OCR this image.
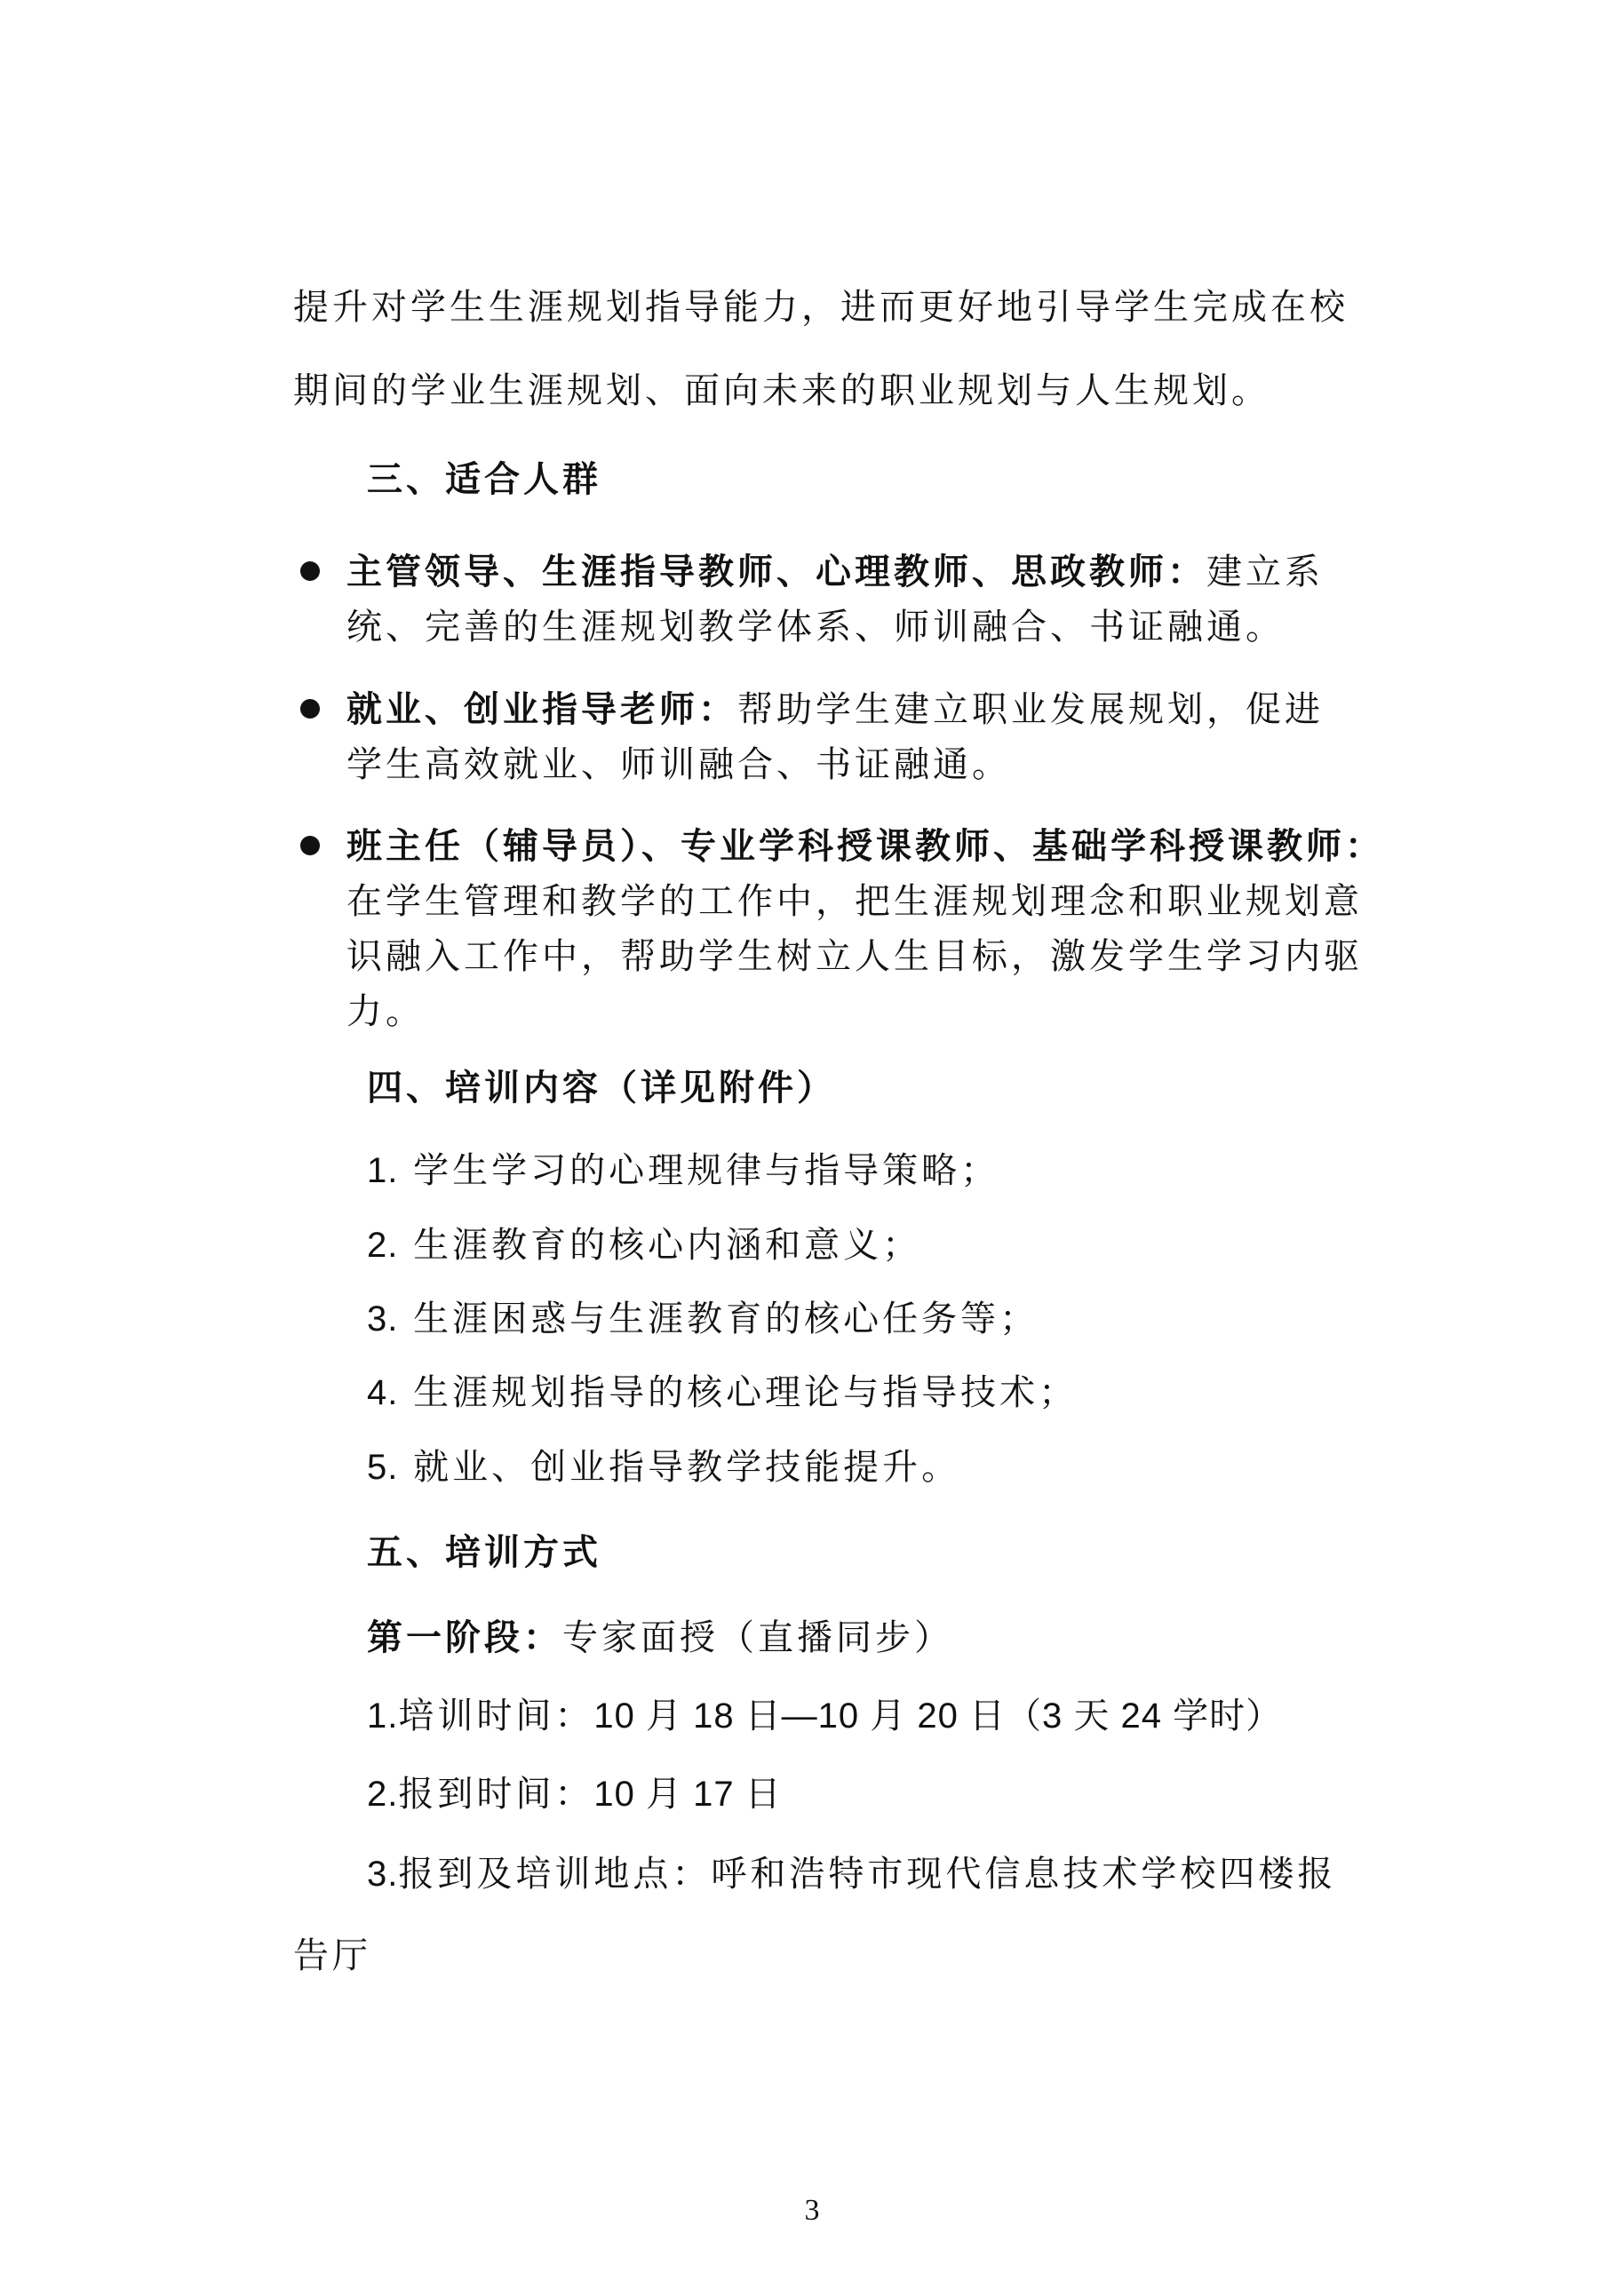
提升对学生生涯规划指导能力，进而更好地引导学生完成在校
期间的学业生涯规划、面向未来的职业规划与人生规划。
三、适合人群
主管领导、生涯指导教师、心理教师、思政教师：建立系
统、完善的生涯规划教学体系、师训融合、书证融通。
就业、创业指导老师：帮助学生建立职业发展规划，促进
学生高效就业、师训融合、书证融通。
班主任（辅导员）、专业学科授课教师、基础学科授课教师：
在学生管理和教学的工作中，把生涯规划理念和职业规划意
识融入工作中，帮助学生树立人生目标，激发学生学习内驱
力。
四、培训内容（详见附件）
1. 学生学习的心理规律与指导策略；
2. 生涯教育的核心内涵和意义；
3. 生涯困惑与生涯教育的核心任务等；
4. 生涯规划指导的核心理论与指导技术；
5. 就业、创业指导教学技能提升。
五、培训方式
第一阶段：专家面授（直播同步）
1.培训时间：10 月 18 日—10 月 20 日（3 天 24 学时）
2.报到时间：10 月 17 日
3.报到及培训地点：呼和浩特市现代信息技术学校四楼报
告厅
3
